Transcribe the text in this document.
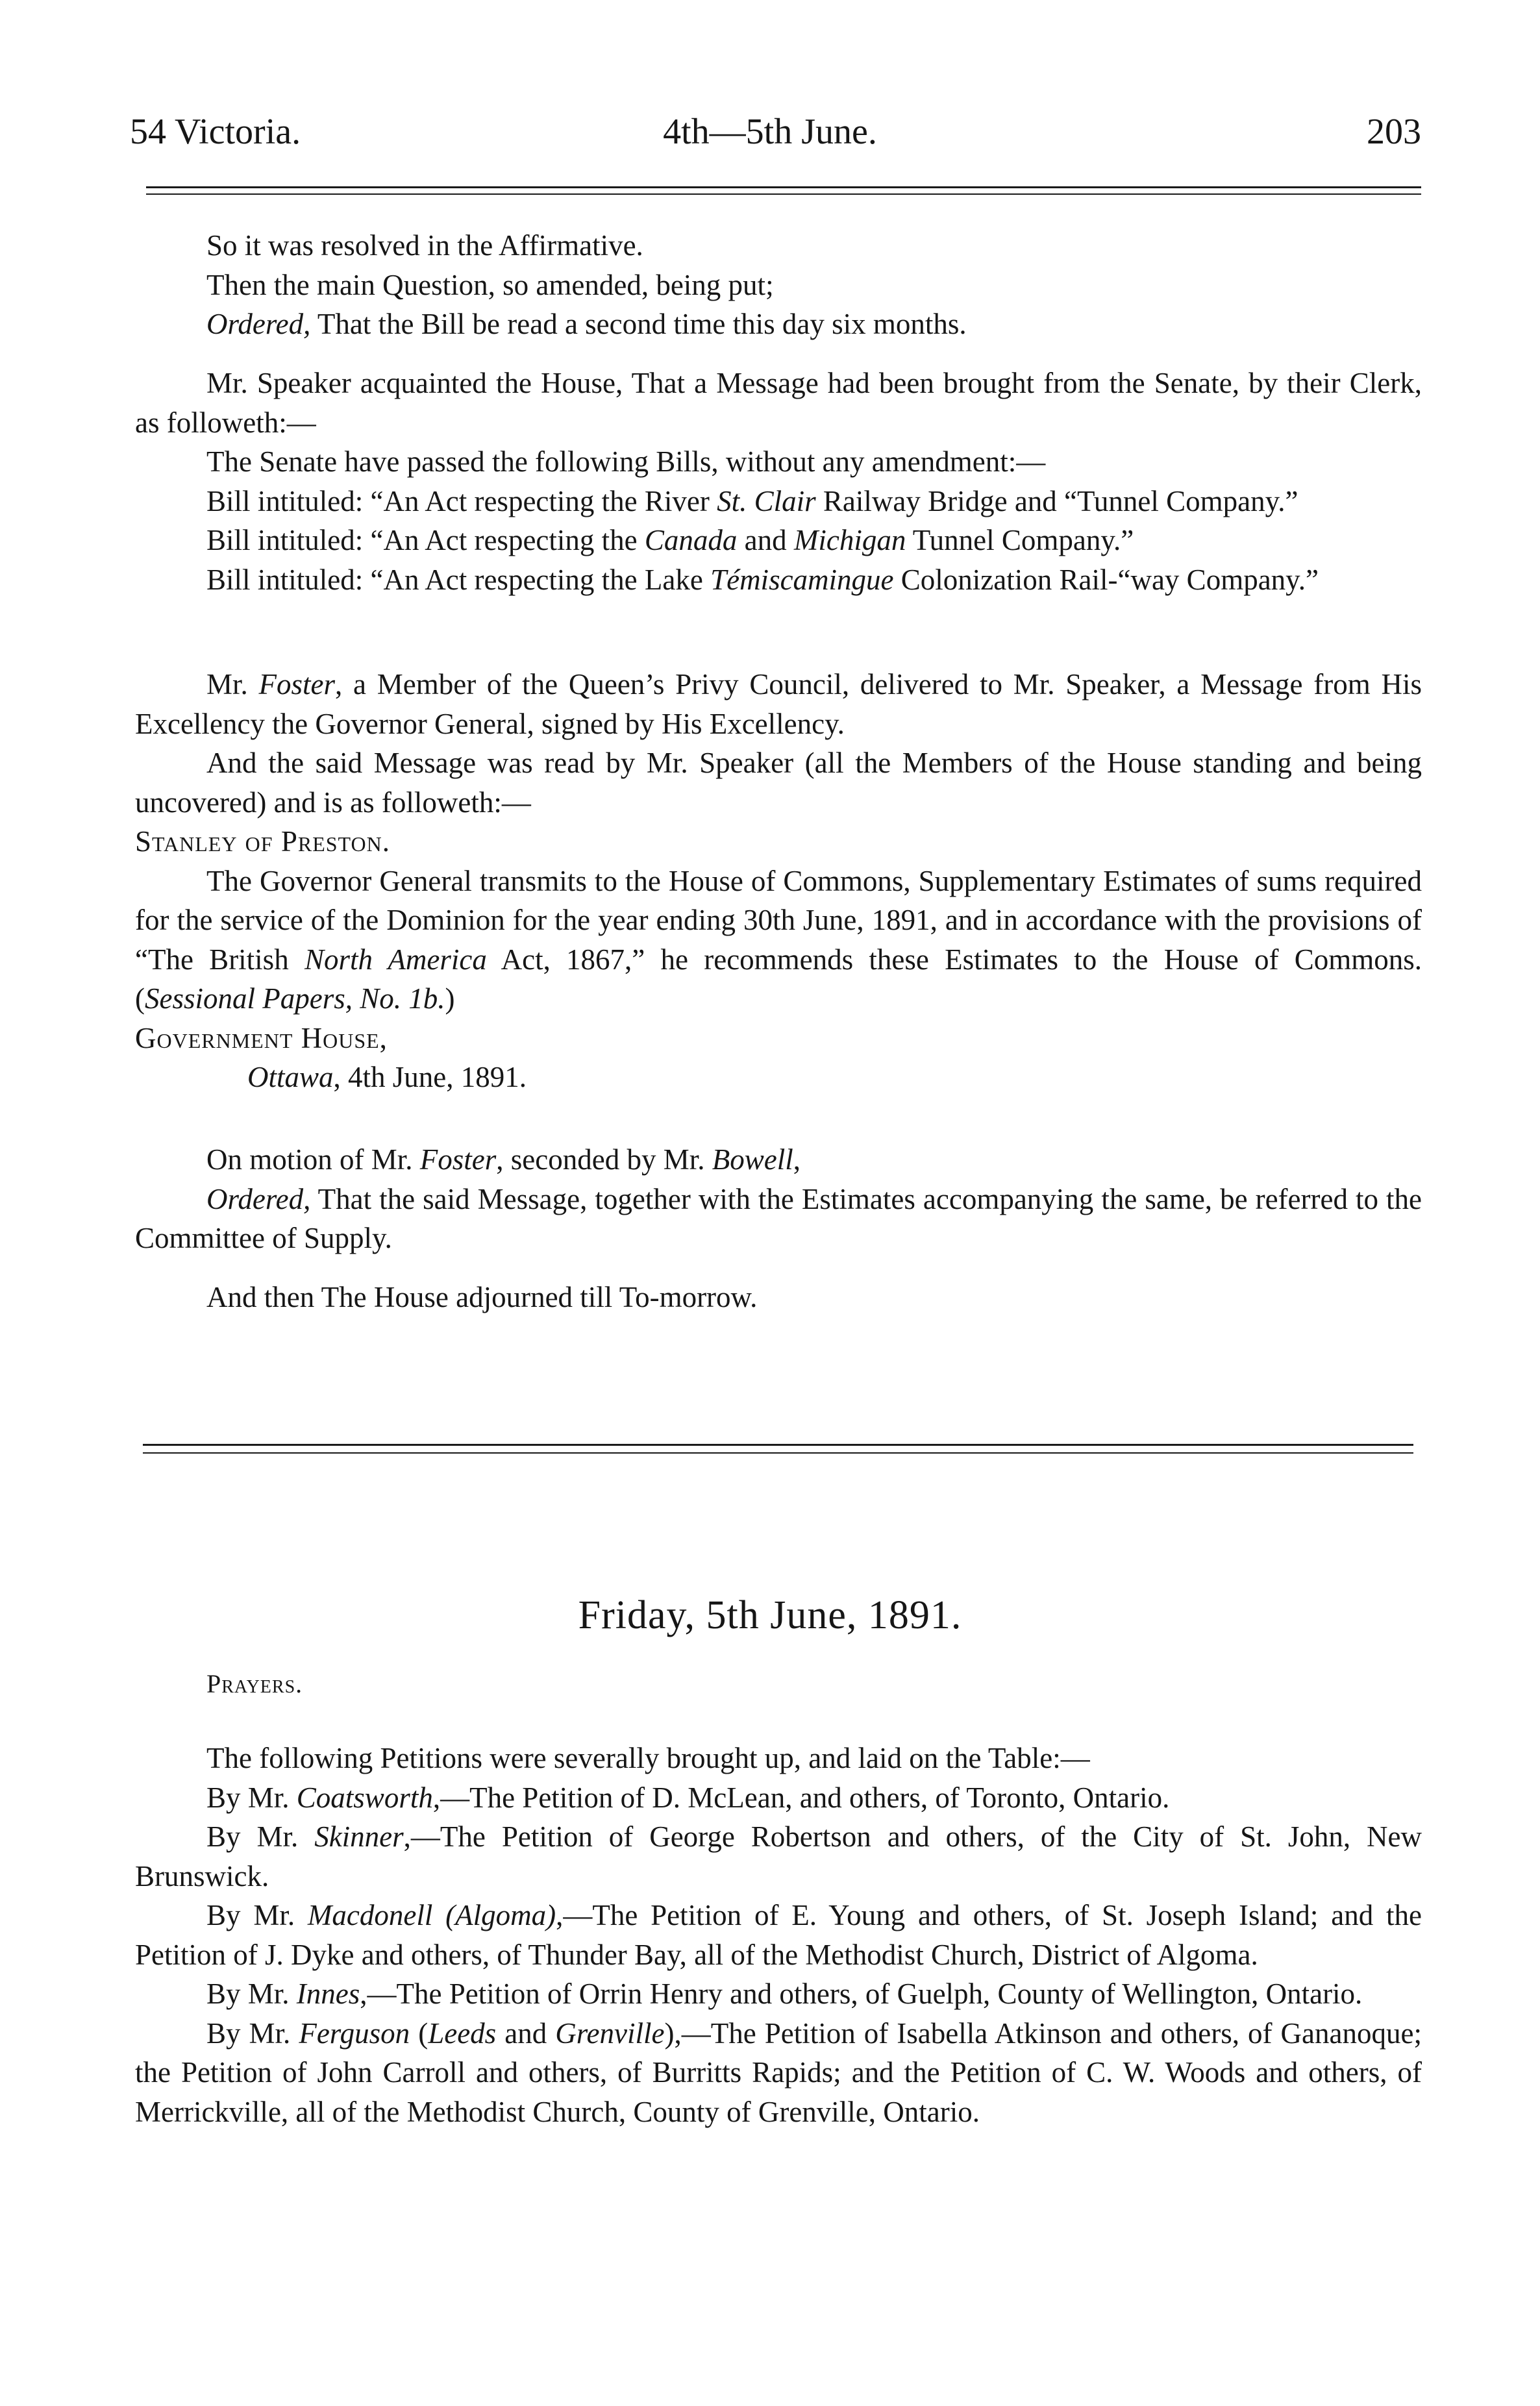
54 Victoria.	4th—5th June.	203

So it was resolved in the Affirmative.

Then the main Question, so amended, being put;

Ordered, That the Bill be read a second time this day six months.

Mr. Speaker acquainted the House, That a Message had been brought from the Senate, by their Clerk, as followeth:—

The Senate have passed the following Bills, without any amendment:—

Bill intituled: “An Act respecting the River St. Clair Railway Bridge and “Tunnel Company.”

Bill intituled: “An Act respecting the Canada and Michigan Tunnel Company.”

Bill intituled: “An Act respecting the Lake Témiscamingue Colonization Rail-“way Company.”

Mr. Foster, a Member of the Queen’s Privy Council, delivered to Mr. Speaker, a Message from His Excellency the Governor General, signed by His Excellency.

And the said Message was read by Mr. Speaker (all the Members of the House standing and being uncovered) and is as followeth:—

Stanley of Preston.

The Governor General transmits to the House of Commons, Supplementary Estimates of sums required for the service of the Dominion for the year ending 30th June, 1891, and in accordance with the provisions of “The British North America Act, 1867,” he recommends these Estimates to the House of Commons. (Sessional Papers, No. 1b.)

Government House,

Ottawa, 4th June, 1891.

On motion of Mr. Foster, seconded by Mr. Bowell,

Ordered, That the said Message, together with the Estimates accompanying the same, be referred to the Committee of Supply.

And then The House adjourned till To-morrow.

Friday, 5th June, 1891.

Prayers.

The following Petitions were severally brought up, and laid on the Table:—

By Mr. Coatsworth,—The Petition of D. McLean, and others, of Toronto, Ontario.

By Mr. Skinner,—The Petition of George Robertson and others, of the City of St. John, New Brunswick.

By Mr. Macdonell (Algoma),—The Petition of E. Young and others, of St. Joseph Island; and the Petition of J. Dyke and others, of Thunder Bay, all of the Methodist Church, District of Algoma.

By Mr. Innes,—The Petition of Orrin Henry and others, of Guelph, County of Wellington, Ontario.

By Mr. Ferguson (Leeds and Grenville),—The Petition of Isabella Atkinson and others, of Gananoque; the Petition of John Carroll and others, of Burritts Rapids; and the Petition of C. W. Woods and others, of Merrickville, all of the Methodist Church, County of Grenville, Ontario.
